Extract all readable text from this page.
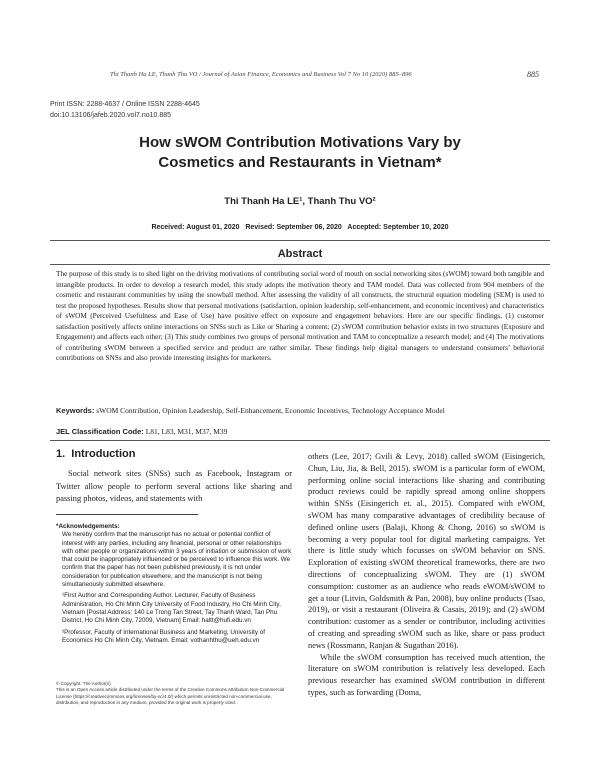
Thi Thanh Ha LE, Thanh Thu VO / Journal of Asian Finance, Economics and Business Vol 7 No 10 (2020) 885–896	885
Print ISSN: 2288-4637 / Online ISSN 2288-4645
doi:10.13106/jafeb.2020.vol7.no10.885
How sWOM Contribution Motivations Vary by
Cosmetics and Restaurants in Vietnam*
Thi Thanh Ha LE¹, Thanh Thu VO²
Received: August 01, 2020   Revised: September 06, 2020   Accepted: September 10, 2020
Abstract
The purpose of this study is to shed light on the driving motivations of contributing social word of mouth on social networking sites (sWOM) toward both tangible and intangible products. In order to develop a research model, this study adopts the motivation theory and TAM model. Data was collected from 904 members of the cosmetic and restaurant communities by using the snowball method. After assessing the validity of all constructs, the structural equation modeling (SEM) is used to test the proposed hypotheses. Results show that personal motivations (satisfaction, opinion leadership, self-enhancement, and economic incentives) and characteristics of sWOM (Perceived Usefulness and Ease of Use) have positive effect on exposure and engagement behaviors. Here are our specific findings, (1) customer satisfaction positively affects online interactions on SNSs such as Like or Sharing a content; (2) sWOM contribution behavior exists in two structures (Exposure and Engagement) and affects each other; (3) This study combines two groups of personal motivation and TAM to conceptualize a research model; and (4) The motivations of contributing sWOM between a specified service and product are rather similar. These findings help digital managers to understand consumers’ behavioral contributions on SNSs and also provide interesting insights for marketers.
Keywords: sWOM Contribution, Opinion Leadership, Self-Enhancement, Economic Incentives, Technology Acceptance Model
JEL Classification Code: L81, L83, M31, M37, M39
1.  Introduction
Social network sites (SNSs) such as Facebook, Instagram or Twitter allow people to perform several actions like sharing and passing photos, videos, and statements with

*Acknowledgements:

We hereby confirm that the manuscript has no actual or potential conflict of interest with any parties, including any financial, personal or other relationships with other people or organizations within 3 years of initiation or submission of work that could be inappropriately influenced or be perceived to influence this work. We confirm that the paper has not been published previously, it is not under consideration for publication elsewhere, and the manuscript is not being simultaneously submitted elsewhere.

¹First Author and Corresponding Author. Lecturer, Faculty of Business Administration, Ho Chi Minh City University of Food Industry, Ho Chi Minh City, Vietnam [Postal Address: 140 Le Trong Tan Street, Tay Thanh Ward, Tan Phu District, Ho Chi Minh City, 72009, Vietnam] Email: haltt@hufi.edu.vn

²Professor, Faculty of International Business and Marketing, University of Economics Ho Chi Minh City, Vietnam. Email: vothanhthu@ueh.edu.vn

© Copyright: The Author(s)

This is an Open Access article distributed under the terms of the Creative Commons Attribution Non-Commercial License (https://creativecommons.org/licenses/by-nc/4.0/) which permits unrestricted non-commercial use, distribution, and reproduction in any medium, provided the original work is properly cited.

others (Lee, 2017; Gvili & Levy, 2018) called sWOM (Eisingerich, Chun, Liu, Jia, & Bell, 2015). sWOM is a particular form of eWOM, performing online social interactions like sharing and contributing product reviews could be rapidly spread among online shoppers within SNSs (Eisingerich et. al., 2015). Compared with eWOM, sWOM has many comparative advantages of credibility because of defined online users (Balaji, Khong & Chong, 2016) so sWOM is becoming a very popular tool for digital marketing campaigns. Yet there is little study which focusses on sWOM behavior on SNS. Exploration of existing sWOM theoretical frameworks, there are two directions of conceptualizing sWOM. They are (1) sWOM consumption: customer as an audience who reads eWOM/sWOM to get a tour (Litvin, Goldsmith & Pan, 2008), buy online products (Tsao, 2019), or visit a restaurant (Oliveira & Casais, 2019); and (2) sWOM contribution: customer as a sender or contributor, including activities of creating and spreading sWOM such as like, share or pass product news (Rossmann, Ranjan & Sugathan 2016).

While the sWOM consumption has received much attention, the literature on sWOM contribution is relatively less developed. Each previous researcher has examined sWOM contribution in different types, such as forwarding (Doma,
